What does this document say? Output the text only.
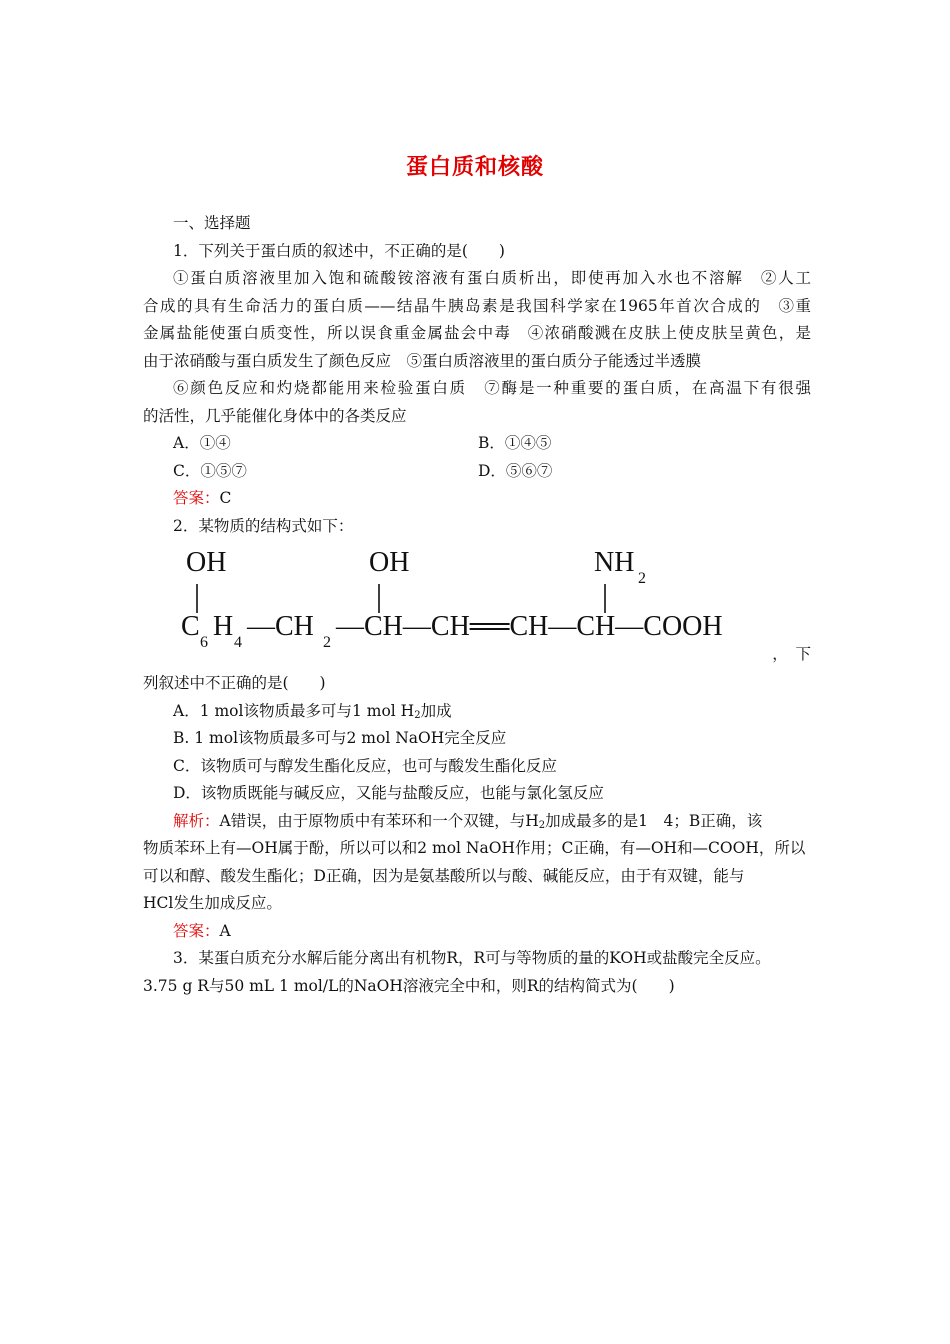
蛋白质和核酸
一、选择题
1．下列关于蛋白质的叙述中，不正确的是(　　)
①蛋白质溶液里加入饱和硫酸铵溶液有蛋白质析出，即使再加入水也不溶解　②人工
合成的具有生命活力的蛋白质——结晶牛胰岛素是我国科学家在1965年首次合成的　③重
金属盐能使蛋白质变性，所以误食重金属盐会中毒　④浓硝酸溅在皮肤上使皮肤呈黄色，是
由于浓硝酸与蛋白质发生了颜色反应　⑤蛋白质溶液里的蛋白质分子能透过半透膜
⑥颜色反应和灼烧都能用来检验蛋白质　⑦酶是一种重要的蛋白质，在高温下有很强
的活性，几乎能催化身体中的各类反应
A．①④	B．①④⑤
C．①⑤⑦	D．⑤⑥⑦
答案：C
2．某物质的结构式如下：
OH	OH	NH
2
C
6
H
4
—CH
2
—CH—CH══CH—CH—COOH
，　下
列叙述中不正确的是(　　)
A．1 mol该物质最多可与1 mol $H_2$加成
B. 1 mol该物质最多可与2 mol NaOH完全反应
C．该物质可与醇发生酯化反应，也可与酸发生酯化反应
D．该物质既能与碱反应，又能与盐酸反应，也能与氯化氢反应
解析：A错误，由于原物质中有苯环和一个双键，与$H_2$加成最多的是1　4；B正确，该
物质苯环上有—OH属于酚，所以可以和2 mol NaOH作用；C正确，有—OH和—COOH，所以
可以和醇、酸发生酯化；D正确，因为是氨基酸所以与酸、碱能反应，由于有双键，能与
HCl发生加成反应。
答案：A
3．某蛋白质充分水解后能分离出有机物R，R可与等物质的量的KOH或盐酸完全反应。
3.75 g R与50 mL 1 mol/L的NaOH溶液完全中和，则R的结构简式为(　　)
